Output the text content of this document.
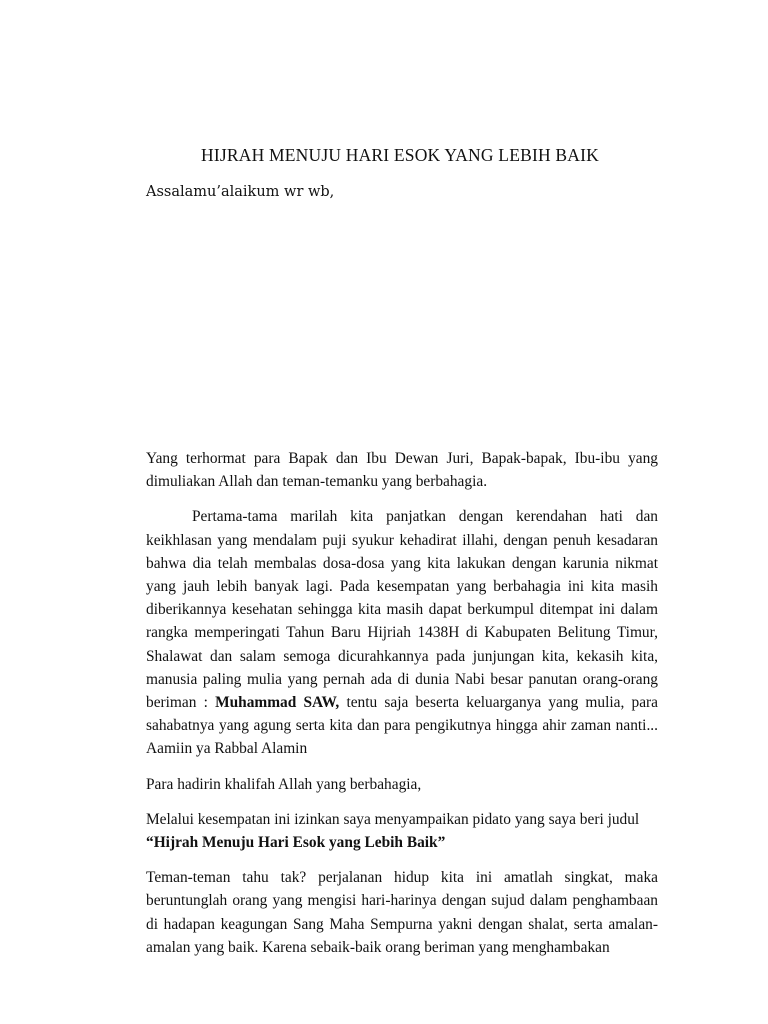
HIJRAH MENUJU HARI ESOK YANG LEBIH BAIK

Assalamu’alaikum wr wb,

Yang terhormat para Bapak dan Ibu Dewan Juri, Bapak-bapak, Ibu-ibu yang dimuliakan Allah dan teman-temanku yang berbahagia.

Pertama-tama marilah kita panjatkan dengan kerendahan hati dan keikhlasan yang mendalam puji syukur kehadirat illahi, dengan penuh kesadaran bahwa dia telah membalas dosa-dosa yang kita lakukan dengan karunia nikmat yang jauh lebih banyak lagi. Pada kesempatan yang berbahagia ini kita masih diberikannya kesehatan sehingga kita masih dapat berkumpul ditempat ini dalam rangka memperingati Tahun Baru Hijriah 1438H di Kabupaten Belitung Timur, Shalawat dan salam semoga dicurahkannya pada junjungan kita, kekasih kita, manusia paling mulia yang pernah ada di dunia Nabi besar panutan orang-orang beriman : Muhammad SAW, tentu saja beserta keluarganya yang mulia, para sahabatnya yang agung serta kita dan para pengikutnya hingga ahir zaman nanti... Aamiin ya Rabbal Alamin

Para hadirin khalifah Allah yang berbahagia,

Melalui kesempatan ini izinkan saya menyampaikan pidato yang saya beri judul
“Hijrah Menuju Hari Esok yang Lebih Baik”

Teman-teman tahu tak? perjalanan hidup kita ini amatlah singkat, maka beruntunglah orang yang mengisi hari-harinya dengan sujud dalam penghambaan di hadapan keagungan Sang Maha Sempurna yakni dengan shalat, serta amalan-amalan yang baik. Karena sebaik-baik orang beriman yang menghambakan
